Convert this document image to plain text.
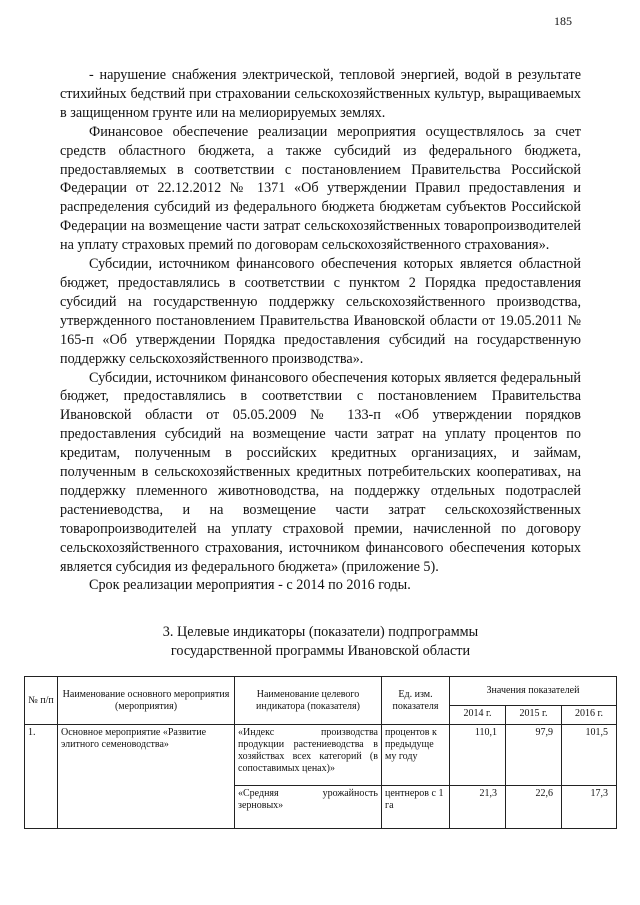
185

- нарушение снабжения электрической, тепловой энергией, водой в результате стихийных бедствий при страховании сельскохозяйственных культур, выращиваемых в защищенном грунте или на мелиорируемых землях.

Финансовое обеспечение реализации мероприятия осуществлялось за счет средств областного бюджета, а также субсидий из федерального бюджета, предоставляемых в соответствии с постановлением Правительства Российской Федерации от 22.12.2012 № 1371 «Об утверждении Правил предоставления и распределения субсидий из федерального бюджета бюджетам субъектов Российской Федерации на возмещение части затрат сельскохозяйственных товаропроизводителей на уплату страховых премий по договорам сельскохозяйственного страхования».

Субсидии, источником финансового обеспечения которых является областной бюджет, предоставлялись в соответствии с пунктом 2 Порядка предоставления субсидий на государственную поддержку сельскохозяйственного производства, утвержденного постановлением Правительства Ивановской области от 19.05.2011 № 165-п «Об утверждении Порядка предоставления субсидий на государственную поддержку сельскохозяйственного производства».

Субсидии, источником финансового обеспечения которых является федеральный бюджет, предоставлялись в соответствии с постановлением Правительства Ивановской области от 05.05.2009 № 133-п «Об утверждении порядков предоставления субсидий на возмещение части затрат на уплату процентов по кредитам, полученным в российских кредитных организациях, и займам, полученным в сельскохозяйственных кредитных потребительских кооперативах, на поддержку племенного животноводства, на поддержку отдельных подотраслей растениеводства, и на возмещение части затрат сельскохозяйственных товаропроизводителей на уплату страховой премии, начисленной по договору сельскохозяйственного страхования, источником финансового обеспечения которых является субсидия из федерального бюджета» (приложение 5).

Срок реализации мероприятия - с 2014 по 2016 годы.

3. Целевые индикаторы (показатели) подпрограммы
государственной программы Ивановской области
№ п/п	Наименование основного мероприятия (мероприятия)	Наименование целевого индикатора (показателя)	Ед. изм. показателя	Значения показателей		
				2014 г.	2015 г.	2016 г.
1.	Основное мероприятие «Развитие элитного семеноводства»	«Индекс производства продукции растениеводства в хозяйствах всех категорий (в сопоставимых ценах)»	процентов к предыдуще му году	110,1	97,9	101,5
		«Средняя урожайность зерновых»	центнеров с 1 га	21,3	22,6	17,3
